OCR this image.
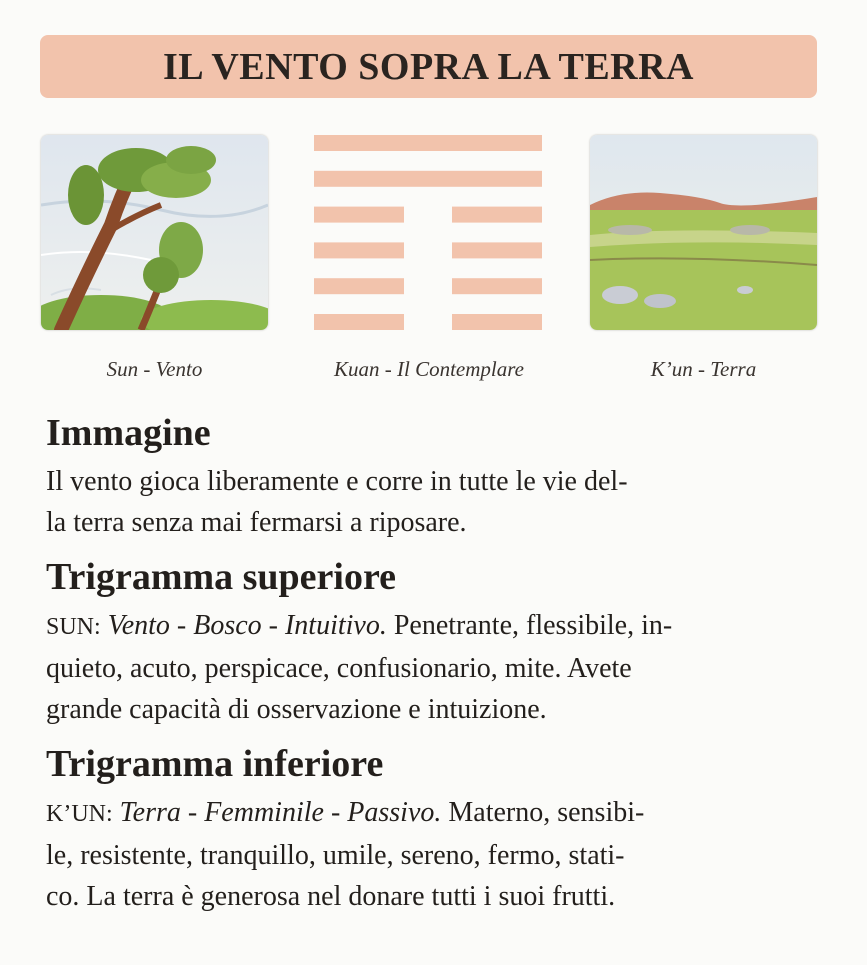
IL VENTO SOPRA LA TERRA
Sun - Vento	Kuan - Il Contemplare	K’un - Terra
Immagine

Il vento gioca liberamente e corre in tutte le vie del-
la terra senza mai fermarsi a riposare.

Trigramma superiore

SUN: Vento - Bosco - Intuitivo. Penetrante, flessibile, in-
quieto, acuto, perspicace, confusionario, mite. Avete
grande capacità di osservazione e intuizione.

Trigramma inferiore

K’UN: Terra - Femminile - Passivo. Materno, sensibi-
le, resistente, tranquillo, umile, sereno, fermo, stati-
co. La terra è generosa nel donare tutti i suoi frutti.
